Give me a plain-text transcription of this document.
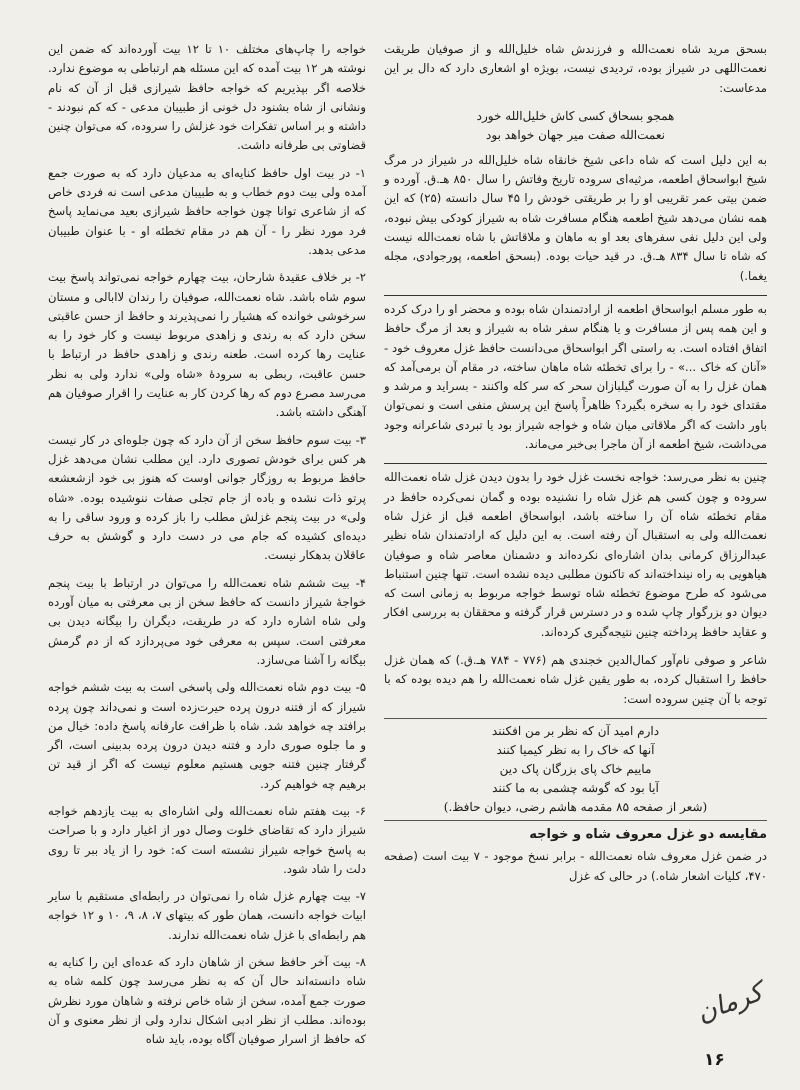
بسحق مرید شاه نعمت‌الله و فرزندش شاه خلیل‌الله و از صوفیان طریقت نعمت‌اللهی در شیراز بوده، تردیدی نیست، بویژه او اشعاری دارد که دال بر این مدعاست:

همجو بسحاق کسی کاش خلیل‌الله خورد
نعمت‌الله صفت میر جهان خواهد بود

به این دلیل است که شاه داعی شیخ خانقاه شاه خلیل‌الله در شیراز در مرگ شیخ ابواسحاق اطعمه، مرثیه‌ای سروده تاریخ وفاتش را سال ۸۵۰ هـ.ق. آورده و ضمن بیتی عمر تقریبی او را بر طریقتی خودش را ۴۵ سال دانسته (۲۵) که این همه نشان می‌دهد شیخ اطعمه هنگام مسافرت شاه به شیراز کودکی بیش نبوده، ولی این دلیل نفی سفرهای بعد او به ماهان و ملاقاتش با شاه نعمت‌الله نیست که شاه تا سال ۸۳۴ هـ.ق. در قید حیات بوده. (بسحق اطعمه، پورجوادی، مجله یغما.)

به طور مسلم ابواسحاق اطعمه از ارادتمندان شاه بوده و محضر او را درک کرده و این همه پس از مسافرت و یا هنگام سفر شاه به شیراز و بعد از مرگ حافظ اتفاق افتاده است. به راستی اگر ابواسحاق می‌دانست حافظ غزل معروف خود - «آنان که خاک ...» - را برای تخطئه شاه ماهان ساخته، در مقام آن برمی‌آمد که همان غزل را به آن صورت گیلبازان سحر که سر کله واکنند - بسراید و مرشد و مقتدای خود را به سخره بگیرد؟ ظاهراً پاسخ این پرسش منفی است و نمی‌توان باور داشت که اگر ملاقاتی میان شاه و خواجه شیراز بود یا تبردی شاعرانه وجود می‌داشت، شیخ اطعمه از آن ماجرا بی‌خبر می‌ماند.

چنین به نظر می‌رسد: خواجه نخست غزل خود را بدون دیدن غزل شاه نعمت‌الله سروده و چون کسی هم غزل شاه را نشنیده بوده و گمان نمی‌کرده حافظ در مقام تخطئه شاه آن را ساخته باشد، ابواسحاق اطعمه قبل از غزل شاه نعمت‌الله ولی به استقبال آن رفته است. به این دلیل که ارادتمندان شاه نظیر عبدالرزاق کرمانی بدان اشاره‌ای نکرده‌اند و دشمنان معاصر شاه و صوفیان هیاهویی به راه نینداخته‌اند که تاکنون مطلبی دیده نشده است. تنها چنین استنباط می‌شود که طرح موضوع تخطئه شاه توسط خواجه مربوط به زمانی است که دیوان دو بزرگوار چاپ شده و در دسترس قرار گرفته و محققان به بررسی افکار و عقاید حافظ پرداخته چنین نتیجه‌گیری کرده‌اند.

شاعر و صوفی نام‌آور کمال‌الدین خجندی هم (۷۷۶ - ۷۸۴ هـ.ق.) که همان غزل حافظ را استقبال کرده، به طور یقین غزل شاه نعمت‌الله را هم دیده بوده که با توجه با آن چنین سروده است:

دارم امید آن که نظر بر من افکنند
آنها که خاک را به نظر کیمیا کنند
ماییم خاک پای بزرگان پاک دین
آیا بود که گوشه چشمی به ما کنند
(شعر از صفحه ۸۵ مقدمه هاشم رضی، دیوان حافظ.)
مقایسه دو غزل معروف شاه و خواجه

در ضمن غزل معروف شاه نعمت‌الله - برابر نسخ موجود - ۷ بیت است (صفحه ۴۷۰، کلیات اشعار شاه.) در حالی که غزل

خواجه را چاپ‌های مختلف ۱۰ تا ۱۲ بیت آورده‌اند که ضمن این نوشته هر ۱۲ بیت آمده که این مسئله هم ارتباطی به موضوع ندارد. خلاصه اگر بپذیریم که خواجه حافظ شیرازی قبل از آن که نام ونشانی از شاه بشنود دل خونی از طبیبان مدعی - که کم نبودند - داشته و بر اساس تفکرات خود غزلش را سروده، که می‌توان چنین قضاوتی بی طرفانه داشت.

۱- در بیت اول حافظ کنایه‌ای به مدعیان دارد که به صورت جمع آمده ولی بیت دوم خطاب و به طبیبان مدعی است نه فردی خاص که از شاعری توانا چون خواجه حافظ شیرازی بعید می‌نماید پاسخ فرد مورد نظر را - آن هم در مقام تخطئه او - با عنوان طبیبان مدعی بدهد.

۲- بر خلاف عقیدهٔ شارحان، بیت چهارم خواجه نمی‌تواند پاسخ بیت سوم شاه باشد. شاه نعمت‌الله، صوفیان را رندان لاابالی و مستان سرخوشی خوانده که هشیار را نمی‌پذیرند و حافظ از حسن عاقبتی سخن دارد که به رندی و زاهدی مربوط نیست و کار خود را به عنایت رها کرده است. طعنه رندی و زاهدی حافظ در ارتباط با حسن عاقبت، ربطی به سرودهٔ «شاه ولی» ندارد ولی به نظر می‌رسد مصرع دوم که رها کردن کار به عنایت را اقرار صوفیان هم آهنگی داشته باشد.

۳- بیت سوم حافظ سخن از آن دارد که چون جلوه‌ای در کار نیست هر کس برای خودش تصوری دارد. این مطلب نشان می‌دهد غزل حافظ مربوط به روزگار جوانی اوست که هنوز بی خود ازشعشعه پرتو ذات نشده و باده از جام تجلی صفات ننوشیده بوده. «شاه ولی» در بیت پنجم غزلش مطلب را باز کرده و ورود ساقی را به دیده‌ای کشیده که جام می در دست دارد و گوشش به حرف عاقلان بدهکار نیست.

۴- بیت ششم شاه نعمت‌الله را می‌توان در ارتباط با بیت پنجم خواجهٔ شیراز دانست که حافظ سخن از بی معرفتی به میان آورده ولی شاه اشاره دارد که در طریقت، دیگران را بیگانه دیدن بی معرفتی است. سپس به معرفی خود می‌پردازد که از دم گرمش بیگانه را آشنا می‌سازد.

۵- بیت دوم شاه نعمت‌الله ولی پاسخی است به بیت ششم خواجه شیراز که از فتنه درون پرده حیرت‌زده است و نمی‌داند چون پرده برافتد چه خواهد شد. شاه با ظرافت عارفانه پاسخ داده: خیال من و ما جلوه صوری دارد و فتنه دیدن درون پرده بدبینی است، اگر گرفتار چنین فتنه جویی هستیم معلوم نیست که اگر از قید تن برهیم چه خواهیم کرد.

۶- بیت هفتم شاه نعمت‌الله ولی اشاره‌ای به بیت یازدهم خواجه شیراز دارد که تقاضای خلوت وصال دور از اغیار دارد و با صراحت به پاسخ خواجه شیراز نشسته است که: خود را از یاد ببر تا روی دلت را شاد شود.

۷- بیت چهارم غزل شاه را نمی‌توان در رابطه‌ای مستقیم با سایر ابیات خواجه دانست، همان طور که بیتهای ۷، ۸، ۹، ۱۰ و ۱۲ خواجه هم رابطه‌ای با غزل شاه نعمت‌الله ندارند.

۸- بیت آخر حافظ سخن از شاهان دارد که عده‌ای این را کنایه به شاه دانسته‌اند حال آن که به نظر می‌رسد چون کلمه شاه به صورت جمع آمده، سخن از شاه خاص نرفته و شاهان مورد نظرش بوده‌اند. مطلب از نظر ادبی اشکال ندارد ولی از نظر معنوی و آن که حافظ از اسرار صوفیان آگاه بوده، باید شاه

کرمان
۱۶
